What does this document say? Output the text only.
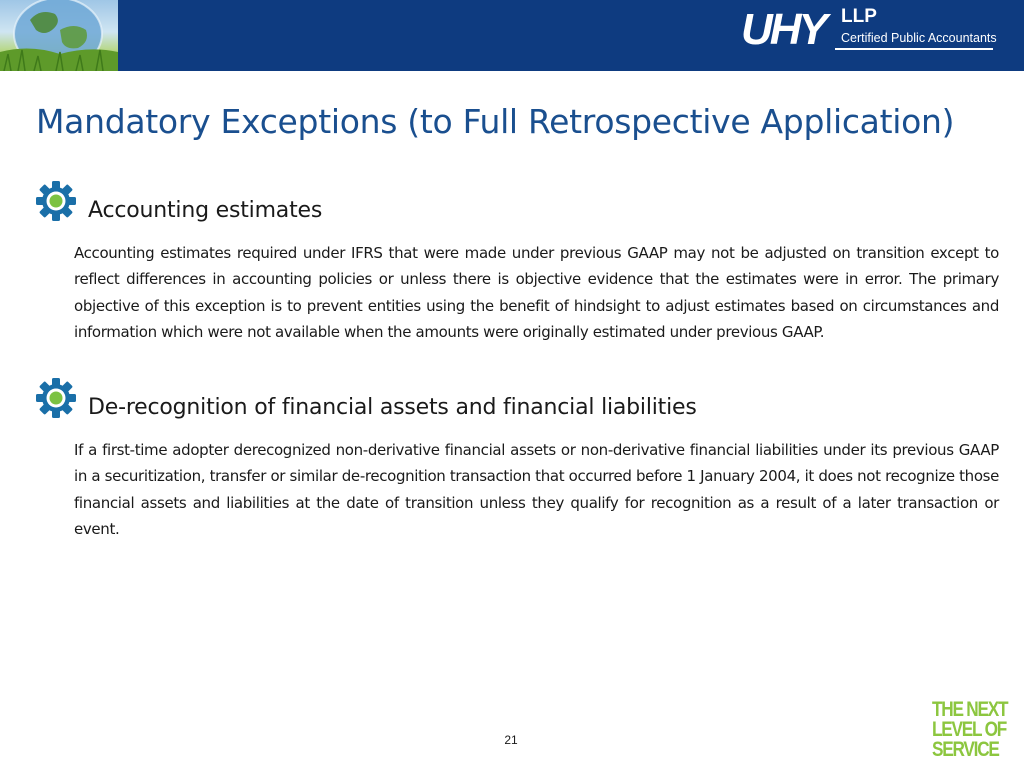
UHY LLP
Certified Public Accountants
Mandatory Exceptions (to Full Retrospective Application)
Accounting estimates
Accounting estimates required under IFRS that were made under previous GAAP may not be adjusted on transition except to reflect differences in accounting policies or unless there is objective evidence that the estimates were in error. The primary objective of this exception is to prevent entities using the benefit of hindsight to adjust estimates based on circumstances and information which were not available when the amounts were originally estimated under previous GAAP.
De-recognition of financial assets and financial liabilities
If a first-time adopter derecognized non-derivative financial assets or non-derivative financial liabilities under its previous GAAP in a securitization, transfer or similar de-recognition transaction that occurred before 1 January 2004, it does not recognize those financial assets and liabilities at the date of transition unless they qualify for recognition as a result of a later transaction or event.
21
THE NEXT
LEVEL OF
SERVICE
